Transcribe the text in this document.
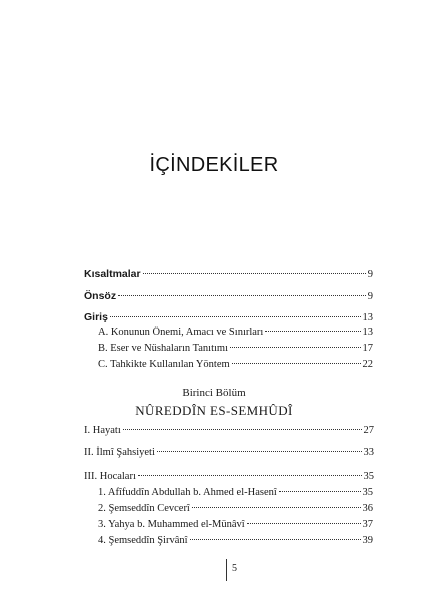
İÇİNDEKİLER
Kısaltmalar	9
Önsöz	9
Giriş	13
A. Konunun Önemi, Amacı ve Sınırları	13
B. Eser ve Nüshaların Tanıtımı	17
C. Tahkikte Kullanılan Yöntem	22
Birinci Bölüm
NÛREDDÎN ES-SEMHÛDÎ
I. Hayatı	27
II. İlmî Şahsiyeti	33
III. Hocaları	35
1. Afîfuddîn Abdullah b. Ahmed el-Hasenî	35
2. Şemseddîn Cevcerî	36
3. Yahya b. Muhammed el-Münâvî	37
4. Şemseddîn Şirvânî	39
5
